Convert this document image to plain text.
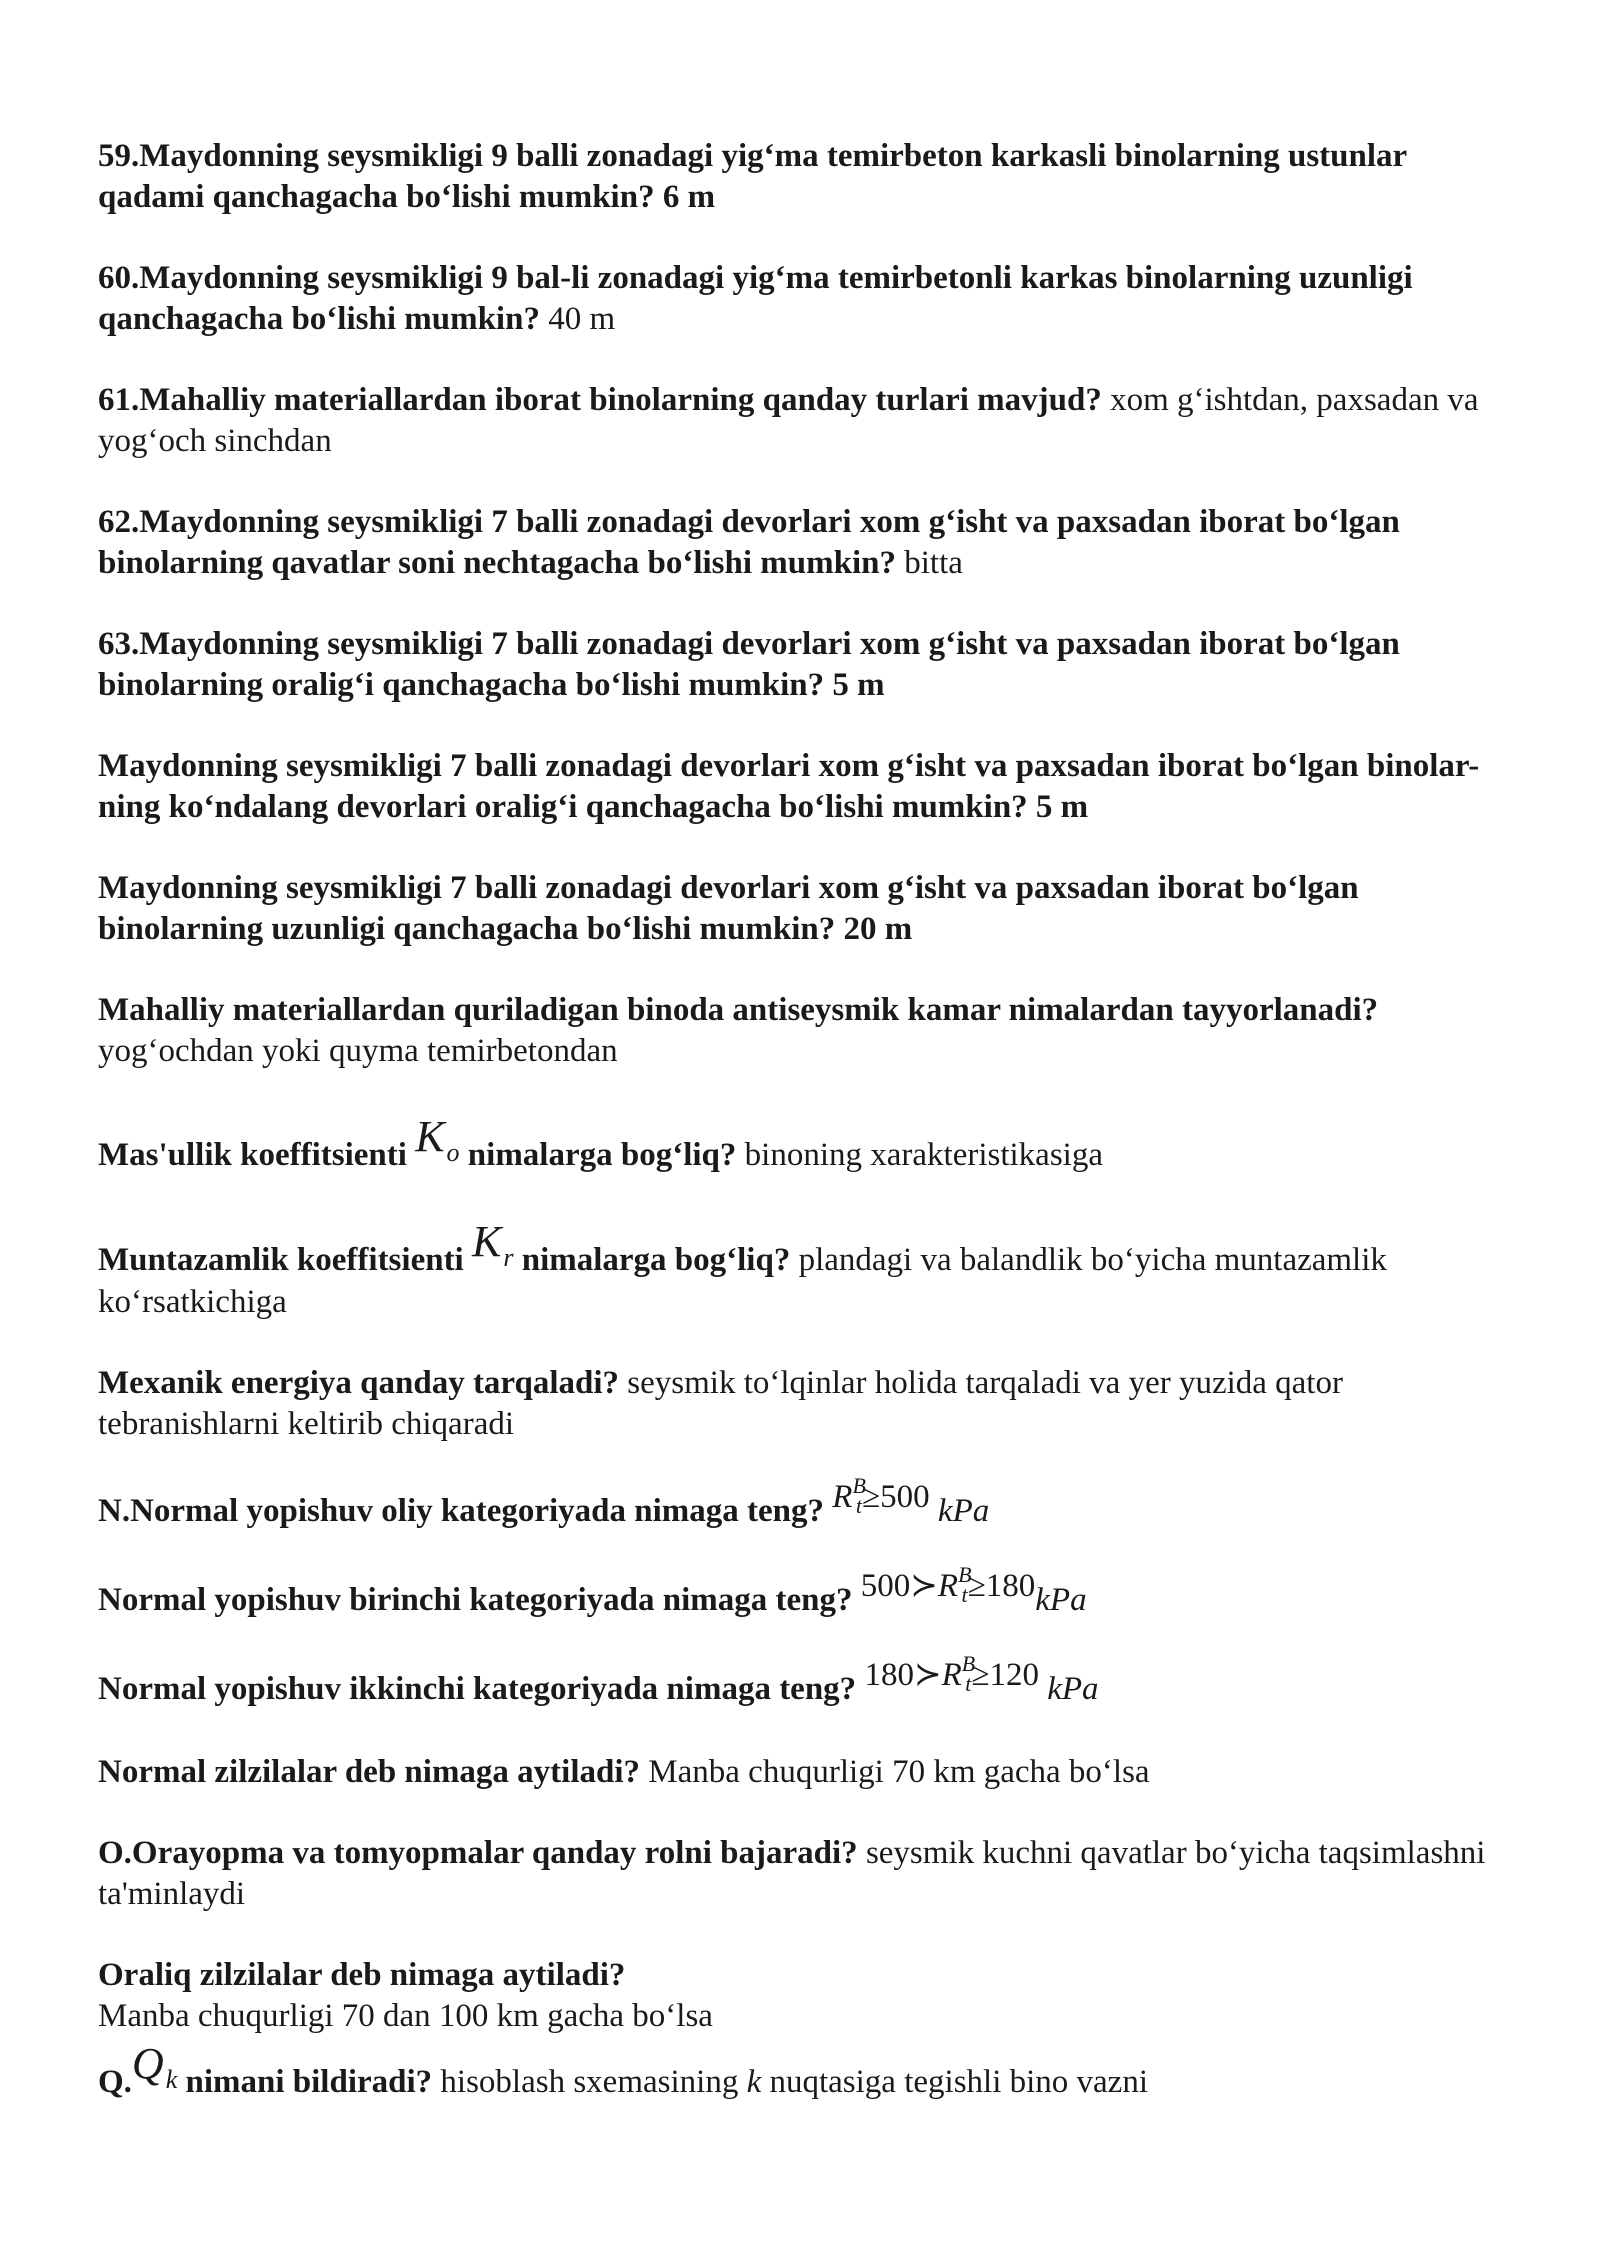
59.Maydonning seysmikligi 9 balli zonadagi yig‘ma temirbeton karkasli binolarning ustunlar qadami qanchagacha bo‘lishi mumkin? 6 m

60.Maydonning seysmikligi 9 bal-li zonadagi yig‘ma temirbetonli karkas binolarning uzunligi qanchagacha bo‘lishi mumkin? 40 m

61.Mahalliy materiallardan iborat binolarning qanday turlari mavjud? xom g‘ishtdan, paxsadan va yog‘och sinchdan

62.Maydonning seysmikligi 7 balli zonadagi devorlari xom g‘isht va paxsadan iborat bo‘lgan binolarning qavatlar soni nechtagacha bo‘lishi mumkin? bitta

63.Maydonning seysmikligi 7 balli zonadagi devorlari xom g‘isht va paxsadan iborat bo‘lgan binolarning oralig‘i qanchagacha bo‘lishi mumkin? 5 m

Maydonning seysmikligi 7 balli zonadagi devorlari xom g‘isht va paxsadan iborat bo‘lgan binolar-ning ko‘ndalang devorlari oralig‘i qanchagacha bo‘lishi mumkin? 5 m

Maydonning seysmikligi 7 balli zonadagi devorlari xom g‘isht va paxsadan iborat bo‘lgan binolarning uzunligi qanchagacha bo‘lishi mumkin? 20 m

Mahalliy materiallardan quriladigan binoda antiseysmik kamar nimalardan tayyorlanadi?
yog‘ochdan yoki quyma temirbetondan

Mas'ullik koeffitsienti Ko nimalarga bog‘liq? binoning xarakteristikasiga

Muntazamlik koeffitsienti Kr nimalarga bog‘liq? plandagi va balandlik bo‘yicha muntazamlik ko‘rsatkichiga

Mexanik energiya qanday tarqaladi? seysmik to‘lqinlar holida tarqaladi va yer yuzida qator tebranishlarni keltirib chiqaradi

N.Normal yopishuv oliy kategoriyada nimaga teng? $R^Bt\ge 500$ kPa

Normal yopishuv birinchi kategoriyada nimaga teng? $500≻R^Bt\ge 180kPa$

Normal yopishuv ikkinchi kategoriyada nimaga teng? $180≻R^Bt\ge 120$ kPa

Normal zilzilalar deb nimaga aytiladi? Manba chuqurligi 70 km gacha bo‘lsa

O.Orayopma va tomyopmalar qanday rolni bajaradi? seysmik kuchni qavatlar bo‘yicha taqsimlashni ta'minlaydi

Oraliq zilzilalar deb nimaga aytiladi?
Manba chuqurligi 70 dan 100 km gacha bo‘lsa

Q.Qk nimani bildiradi? hisoblash sxemasining k nuqtasiga tegishli bino vazni
